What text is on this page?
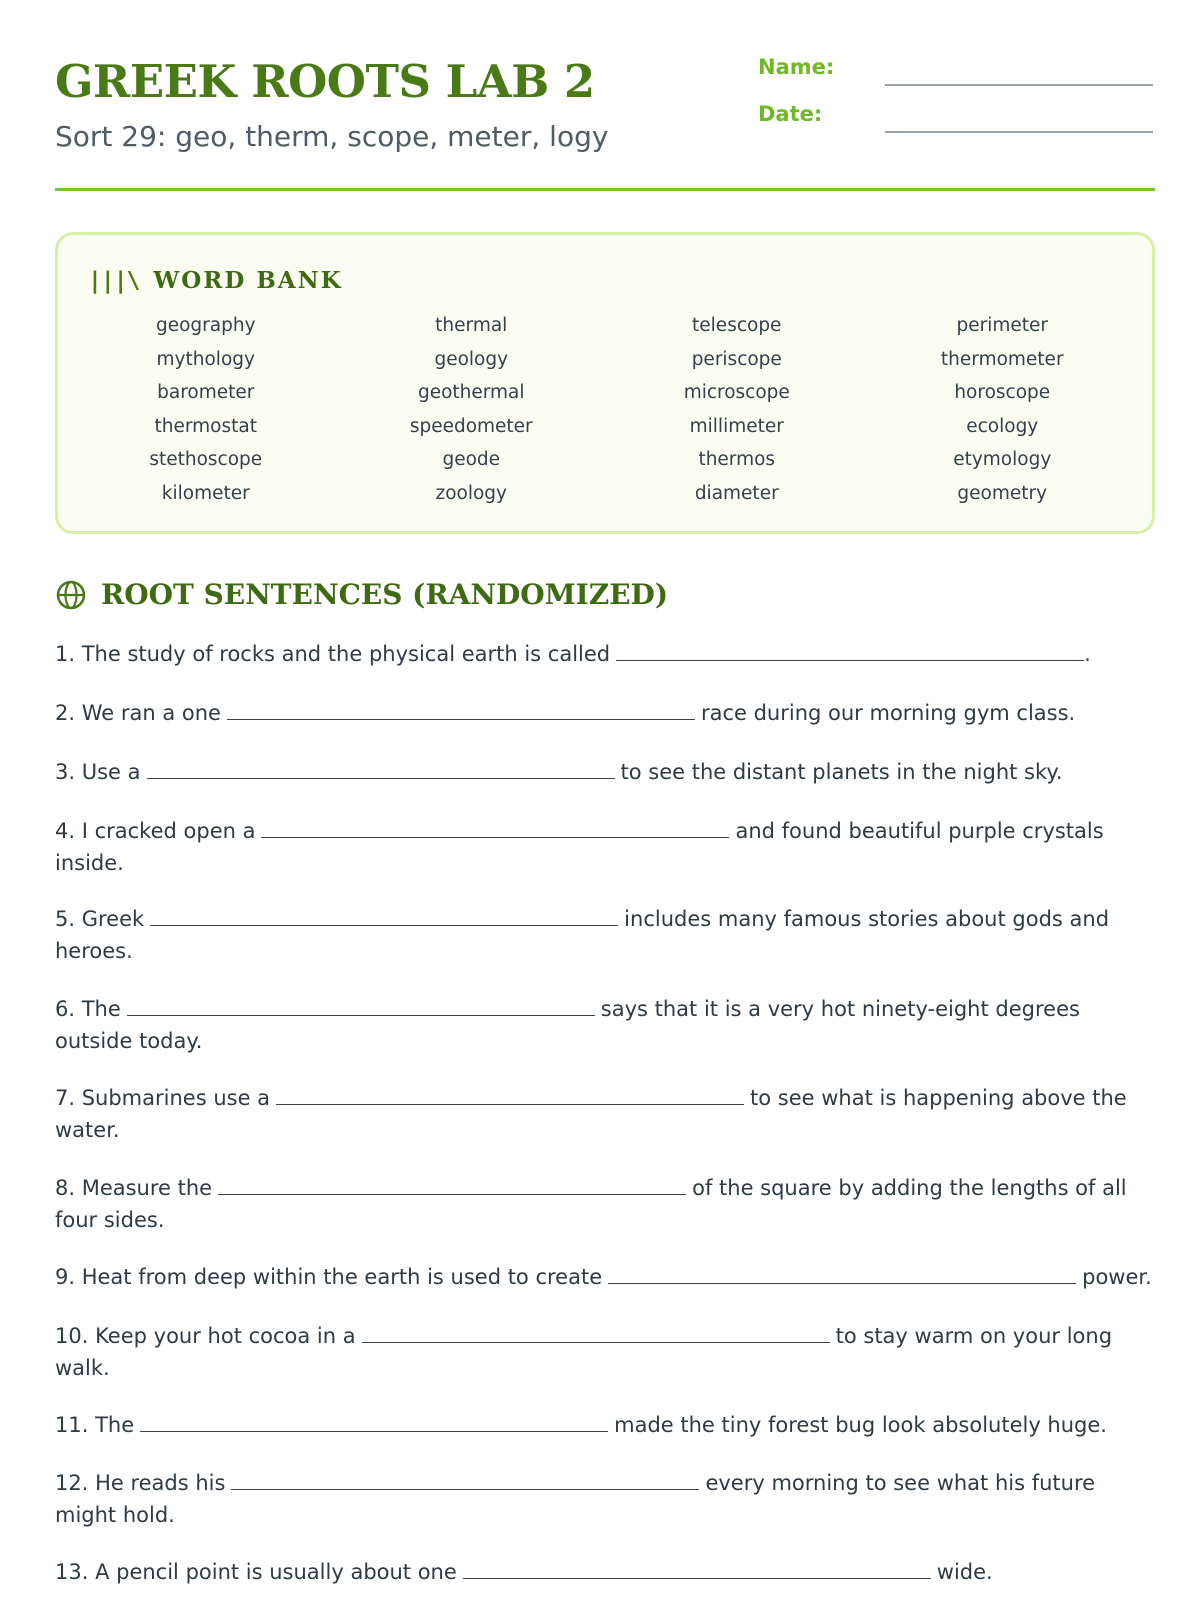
GREEK ROOTS LAB 2
Sort 29: geo, therm, scope, meter, logy
Name:
Date:
|||\ WORD BANK
geography	thermal	telescope	perimeter
mythology	geology	periscope	thermometer
barometer	geothermal	microscope	horoscope
thermostat	speedometer	millimeter	ecology
stethoscope	geode	thermos	etymology
kilometer	zoology	diameter	geometry
ROOT SENTENCES (RANDOMIZED)
1. The study of rocks and the physical earth is called	.
2. We ran a one	race during our morning gym class.
3. Use a	to see the distant planets in the night sky.
4. I cracked open a	and found beautiful purple crystals inside.
5. Greek	includes many famous stories about gods and heroes.
6. The	says that it is a very hot ninety-eight degrees outside today.
7. Submarines use a	to see what is happening above the water.
8. Measure the	of the square by adding the lengths of all four sides.
9. Heat from deep within the earth is used to create	power.
10. Keep your hot cocoa in a	to stay warm on your long walk.
11. The	made the tiny forest bug look absolutely huge.
12. He reads his	every morning to see what his future might hold.
13. A pencil point is usually about one	wide.
